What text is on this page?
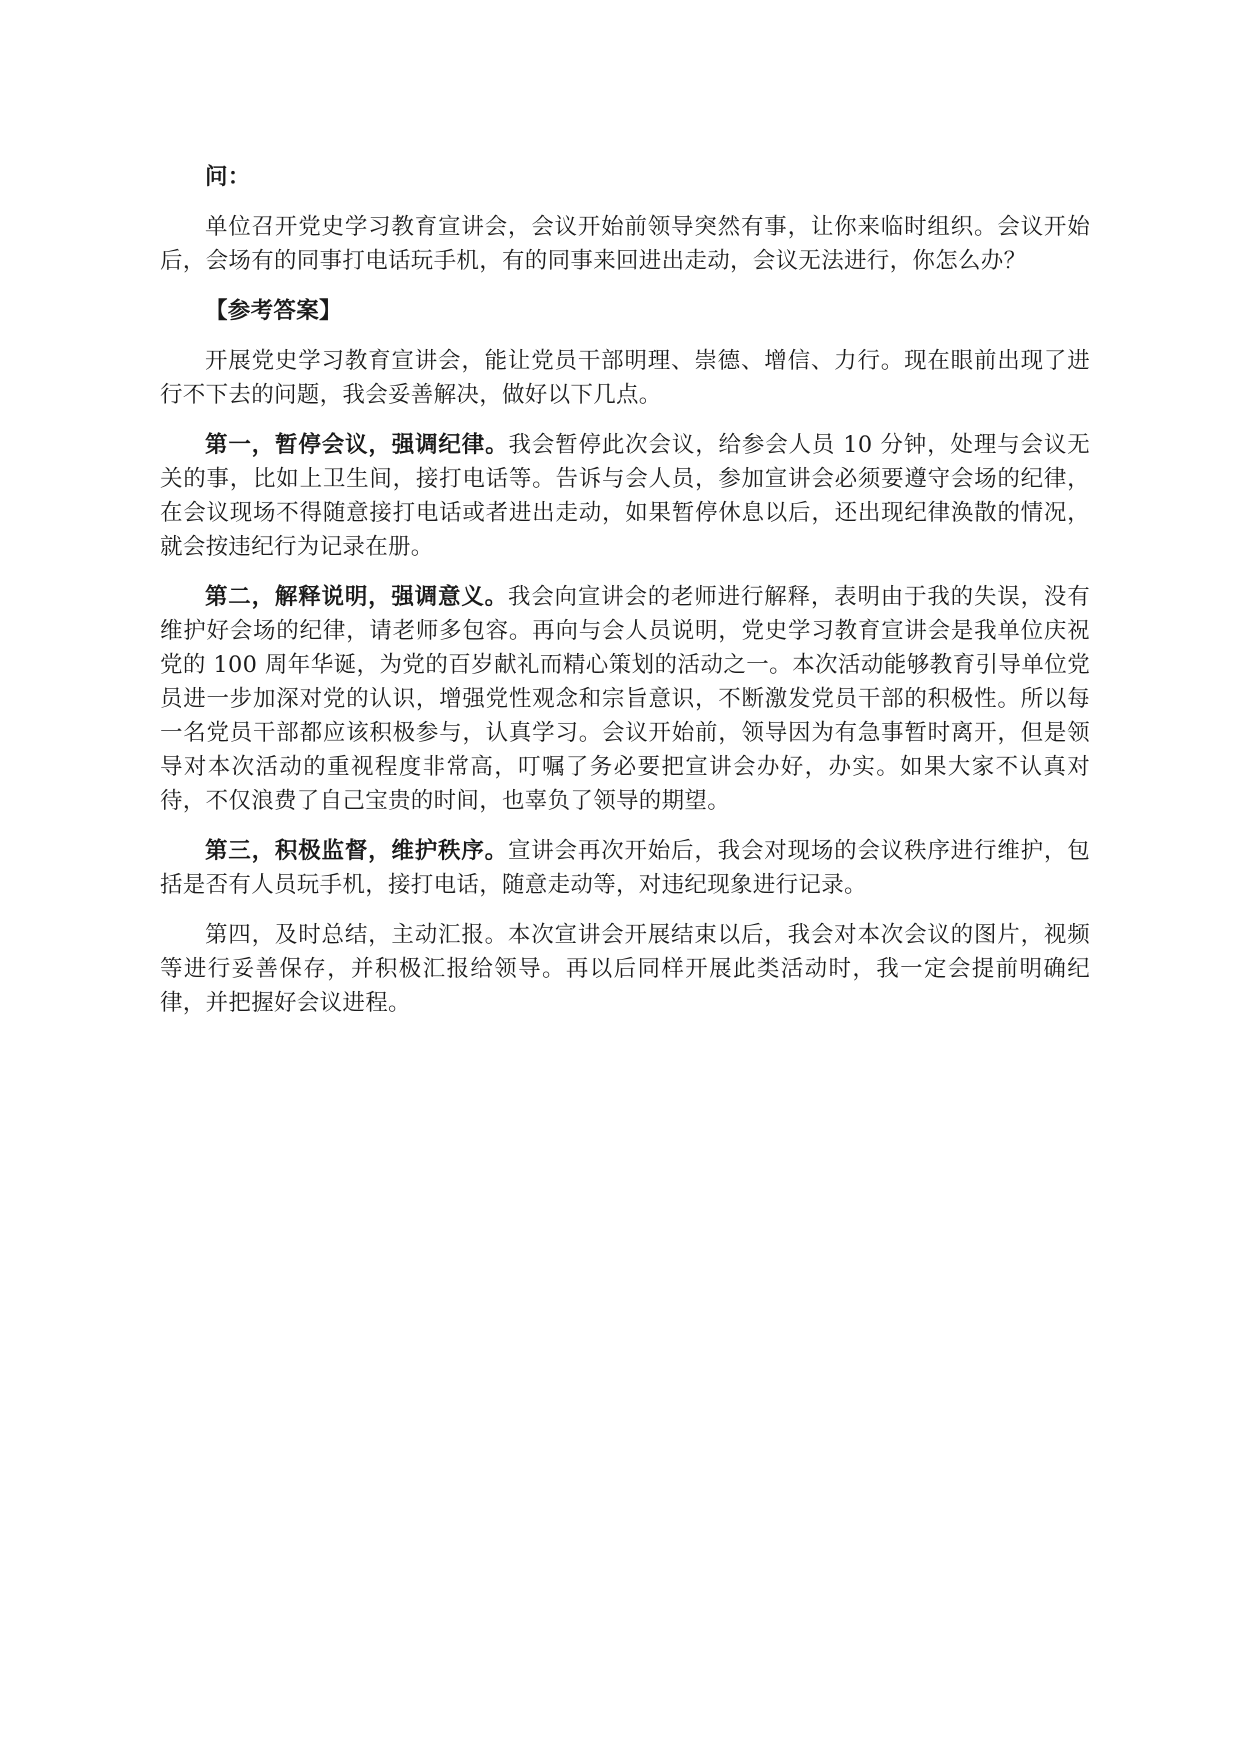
问：

单位召开党史学习教育宣讲会，会议开始前领导突然有事，让你来临时组织。会议开始后，会场有的同事打电话玩手机，有的同事来回进出走动，会议无法进行，你怎么办？

【参考答案】

开展党史学习教育宣讲会，能让党员干部明理、崇德、增信、力行。现在眼前出现了进行不下去的问题，我会妥善解决，做好以下几点。

第一，暂停会议，强调纪律。我会暂停此次会议，给参会人员 10 分钟，处理与会议无关的事，比如上卫生间，接打电话等。告诉与会人员，参加宣讲会必须要遵守会场的纪律，在会议现场不得随意接打电话或者进出走动，如果暂停休息以后，还出现纪律涣散的情况，就会按违纪行为记录在册。

第二，解释说明，强调意义。我会向宣讲会的老师进行解释，表明由于我的失误，没有维护好会场的纪律，请老师多包容。再向与会人员说明，党史学习教育宣讲会是我单位庆祝党的 100 周年华诞，为党的百岁献礼而精心策划的活动之一。本次活动能够教育引导单位党员进一步加深对党的认识，增强党性观念和宗旨意识，不断激发党员干部的积极性。所以每一名党员干部都应该积极参与，认真学习。会议开始前，领导因为有急事暂时离开，但是领导对本次活动的重视程度非常高，叮嘱了务必要把宣讲会办好，办实。如果大家不认真对待，不仅浪费了自己宝贵的时间，也辜负了领导的期望。

第三，积极监督，维护秩序。宣讲会再次开始后，我会对现场的会议秩序进行维护，包括是否有人员玩手机，接打电话，随意走动等，对违纪现象进行记录。

第四，及时总结，主动汇报。本次宣讲会开展结束以后，我会对本次会议的图片，视频等进行妥善保存，并积极汇报给领导。再以后同样开展此类活动时，我一定会提前明确纪律，并把握好会议进程。
